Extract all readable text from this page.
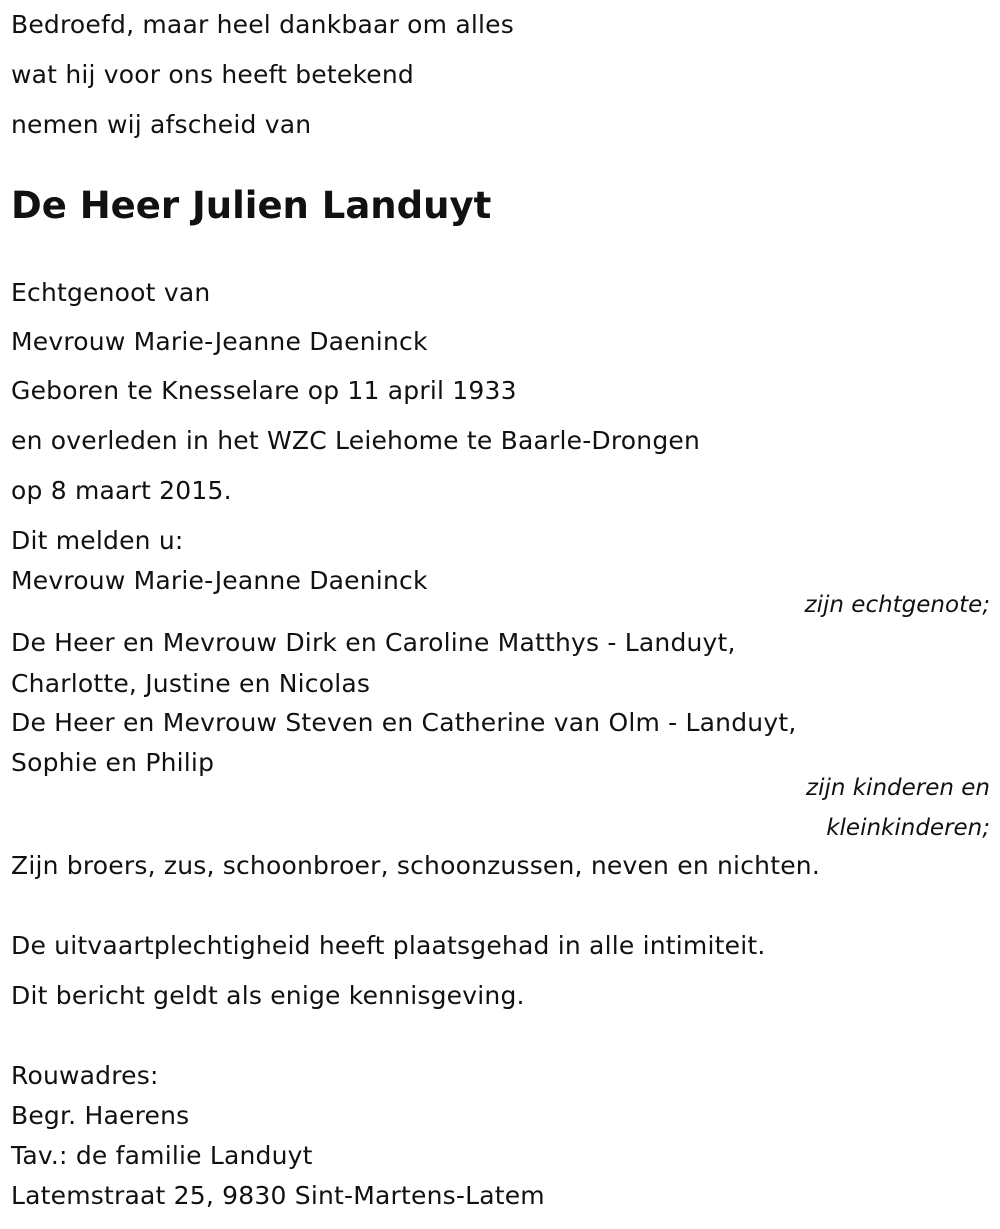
Bedroefd, maar heel dankbaar om alles

wat hij voor ons heeft betekend

nemen wij afscheid van

De Heer Julien Landuyt

Echtgenoot van

Mevrouw Marie-Jeanne Daeninck

Geboren te Knesselare op 11 april 1933

en overleden in het WZC Leiehome te Baarle-Drongen

op 8 maart 2015.

Dit melden u:

Mevrouw Marie-Jeanne Daeninck

zijn echtgenote;

De Heer en Mevrouw Dirk en Caroline Matthys - Landuyt,

Charlotte, Justine en Nicolas

De Heer en Mevrouw Steven en Catherine van Olm - Landuyt,

Sophie en Philip

zijn kinderen en

kleinkinderen;

Zijn broers, zus, schoonbroer, schoonzussen, neven en nichten.

De uitvaartplechtigheid heeft plaatsgehad in alle intimiteit.

Dit bericht geldt als enige kennisgeving.

Rouwadres:

Begr. Haerens

Tav.: de familie Landuyt

Latemstraat 25, 9830 Sint-Martens-Latem
